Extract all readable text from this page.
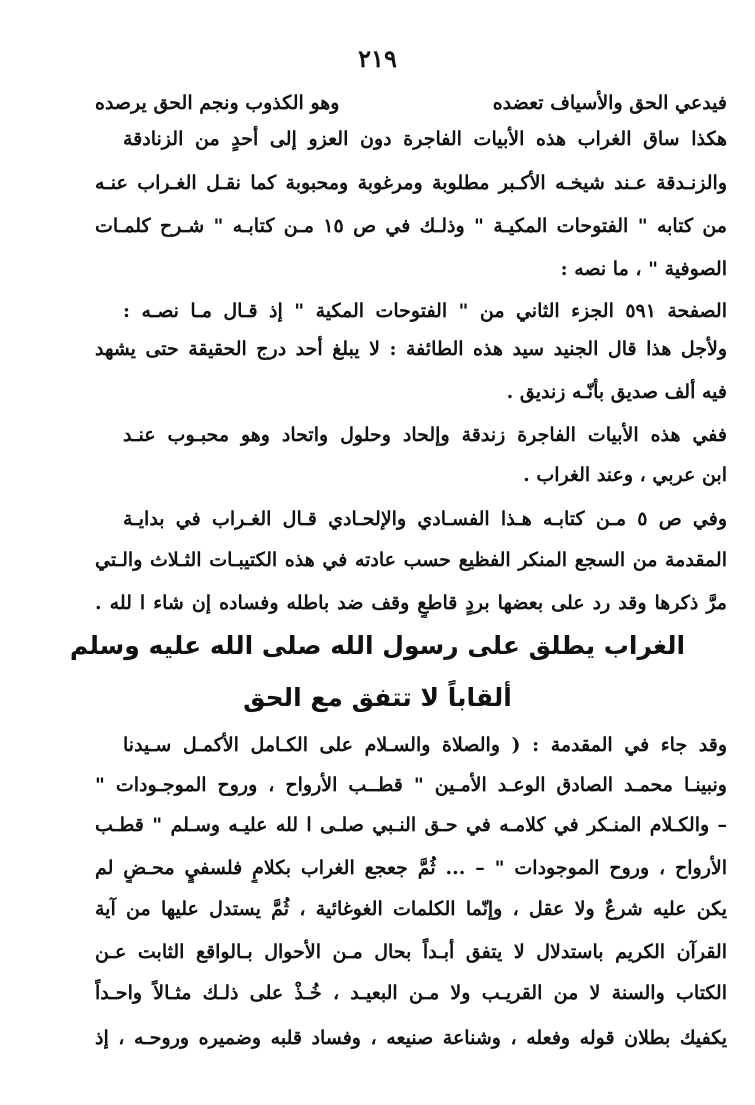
٢١٩
فيدعي الحق والأسياف تعضده
وهو الكذوب ونجم الحق يرصده
هكذا ساق الغراب هذه الأبيات الفاجرة دون العزو إلى أحدٍ من الزنادقة
والزنـدقة عـند شيخـه الأكـبر مطلوبة ومرغوبة ومحبوبة كما نقـل الغـراب عنـه
من كتابه " الفتوحات المكيـة " وذلـك في ص ١٥ مـن كتابـه " شـرح كلمـات
الصوفية " ، ما نصه :
الصفحة ٥٩١ الجزء الثاني من " الفتوحات المكية " إذ قـال مـا نصـه :
ولأجل هذا قال الجنيد سيد هذه الطائفة : لا يبلغ أحد درج الحقيقة حتى يشهد
فيه ألف صديق بأنّـه زنديق .
ففي هذه الأبيات الفاجرة زندقة وإلحاد وحلول واتحاد وهو محبـوب عنـد
ابن عربي ، وعند الغراب .
وفي ص ٥ مـن كتابـه هـذا الفسـادي والإلحـادي قـال الغـراب في بدايـة
المقدمة من السجع المنكر الفظيع حسب عادته في هذه الكتيبـات الثـلاث والـتي
مرَّ ذكرها وقد رد على بعضها بردٍ قاطعٍ وقف ضد باطله وفساده إن شاء ا لله .
الغراب يطلق على رسول الله صلى الله عليه وسلم
ألقاباً لا تتفق مع الحق
وقد جاء في المقدمة : ( والصلاة والسـلام على الكـامل الأكمـل سـيدنا
ونبينـا محمـد الصادق الوعـد الأمـين " قطــب الأرواح ، وروح الموجـودات "
– والكـلام المنـكر في كلامـه في حـق النـبي صلـى ا لله عليـه وسـلم " قطـب
الأرواح ، وروح الموجودات " – ... ثُمَّ جعجع الغراب بكلامٍ فلسفيٍ محـضٍ لم
يكن عليه شرعٌ ولا عقل ، وإنّما الكلمات الغوغائية ، ثُمَّ يستدل عليها من آية
القرآن الكريم باستدلال لا يتفق أبـداً بحال مـن الأحوال بـالواقع الثابت عـن
الكتاب والسنة لا من القريـب ولا مـن البعيـد ، خُـذْ على ذلـك مثـالاً واحـداً
يكفيك بطلان قوله وفعله ، وشناعة صنيعه ، وفساد قلبه وضميره وروحـه ، إذ
